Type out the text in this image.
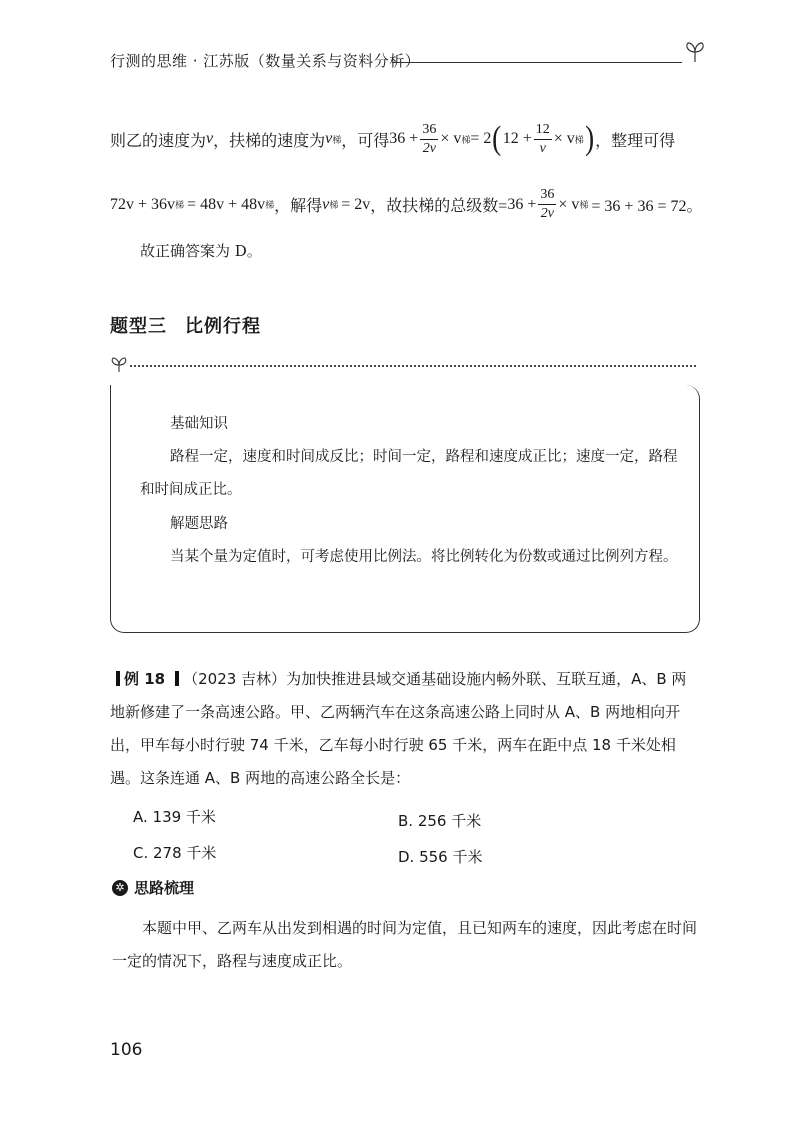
行测的思维 · 江苏版（数量关系与资料分析）
则乙的速度为 v ，扶梯的速度为 v 梯 ，可得 $36 + \frac{36}{2v} \times v$ 梯 = 2 ( $12 + \frac{12}{v} \times v$ 梯 ) ，整理可得
72v + 36v 梯 = 48v + 48v 梯 ，解得 v 梯 = 2v ，故扶梯的总级数= $36 + \frac{36}{2v} \times v$ 梯 = 36 + 36 = 72。
故正确答案为 D。
题型三 比例行程
基础知识
路程一定，速度和时间成反比；时间一定，路程和速度成正比；速度一定，路程和时间成正比。
解题思路
当某个量为定值时，可考虑使用比例法。将比例转化为份数或通过比例列方程。
例 18 （2023 吉林）为加快推进县域交通基础设施内畅外联、互联互通，A、B 两地新修建了一条高速公路。甲、乙两辆汽车在这条高速公路上同时从 A、B 两地相向开出，甲车每小时行驶 74 千米，乙车每小时行驶 65 千米，两车在距中点 18 千米处相遇。这条连通 A、B 两地的高速公路全长是：
A. 139 千米	B. 256 千米
C. 278 千米	D. 556 千米
✲ 思路梳理
本题中甲、乙两车从出发到相遇的时间为定值，且已知两车的速度，因此考虑在时间一定的情况下，路程与速度成正比。
106
